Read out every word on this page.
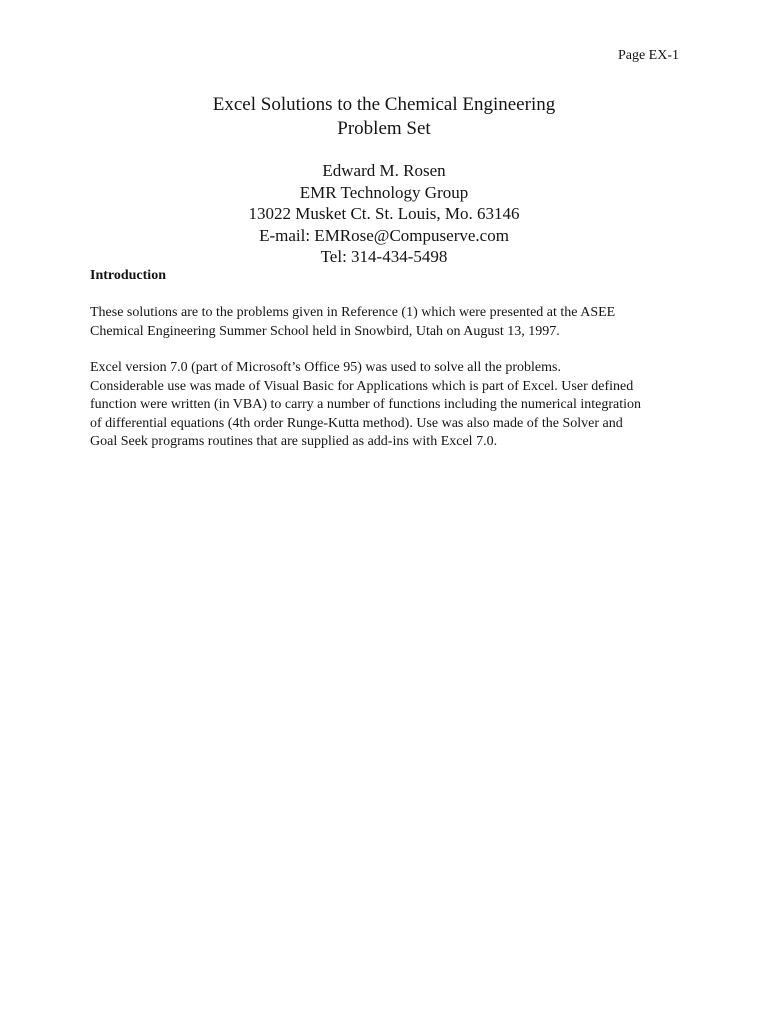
Page EX-1
Excel Solutions to the Chemical Engineering
Problem Set
Edward M. Rosen
EMR Technology Group
13022 Musket Ct. St. Louis, Mo. 63146
E-mail: EMRose@Compuserve.com
Tel: 314-434-5498
Introduction
These solutions are to the problems given in Reference (1) which were presented at the ASEE
Chemical Engineering Summer School held in Snowbird, Utah on August 13, 1997.
Excel version 7.0 (part of Microsoft’s Office 95) was used to solve all the problems.
Considerable use was made of Visual Basic for Applications which is part of Excel. User defined
function were written (in VBA) to carry a number of functions including the numerical integration
of differential equations (4th order Runge-Kutta method). Use was also made of the Solver and
Goal Seek programs routines that are supplied as add-ins with Excel 7.0.
